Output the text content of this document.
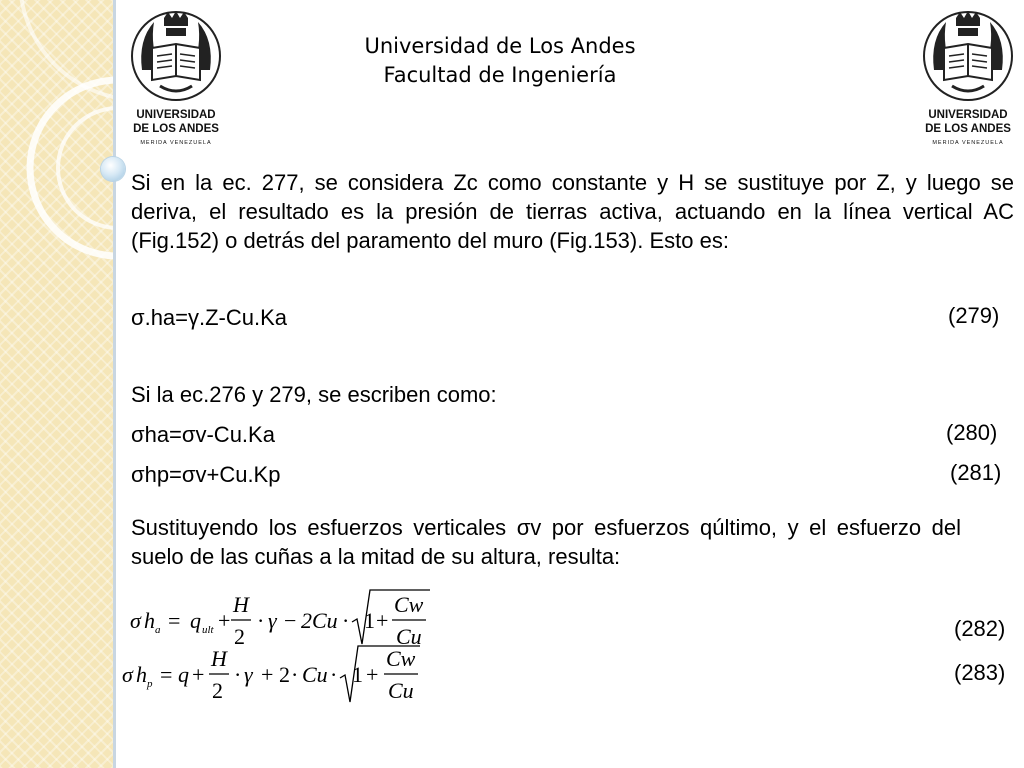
UNIVERSIDAD
DE LOS ANDES
MERIDA VENEZUELA
UNIVERSIDAD
DE LOS ANDES
MERIDA VENEZUELA
Universidad de Los Andes
Facultad de Ingeniería
Si en la ec. 277, se considera Zc como constante y H se sustituye por Z, y luego se deriva, el resultado es la presión de tierras activa, actuando en la línea vertical AC (Fig.152) o detrás del paramento del muro (Fig.153). Esto es:
σ.ha=γ.Z-Cu.Ka	(279)
Si la ec.276 y 279, se escriben como:
σha=σv-Cu.Ka	(280)
σhp=σv+Cu.Kp	(281)
Sustituyendo los esfuerzos verticales σv por esfuerzos qúltimo, y el esfuerzo del suelo de las cuñas a la mitad de su altura, resulta:
σ h a = q ult +
H
2
· γ − 2Cu · 1 +
Cw
Cu	(282)
σ h p = q +
H
2
· γ + 2 · Cu · 1 +
Cw
Cu
(283)
